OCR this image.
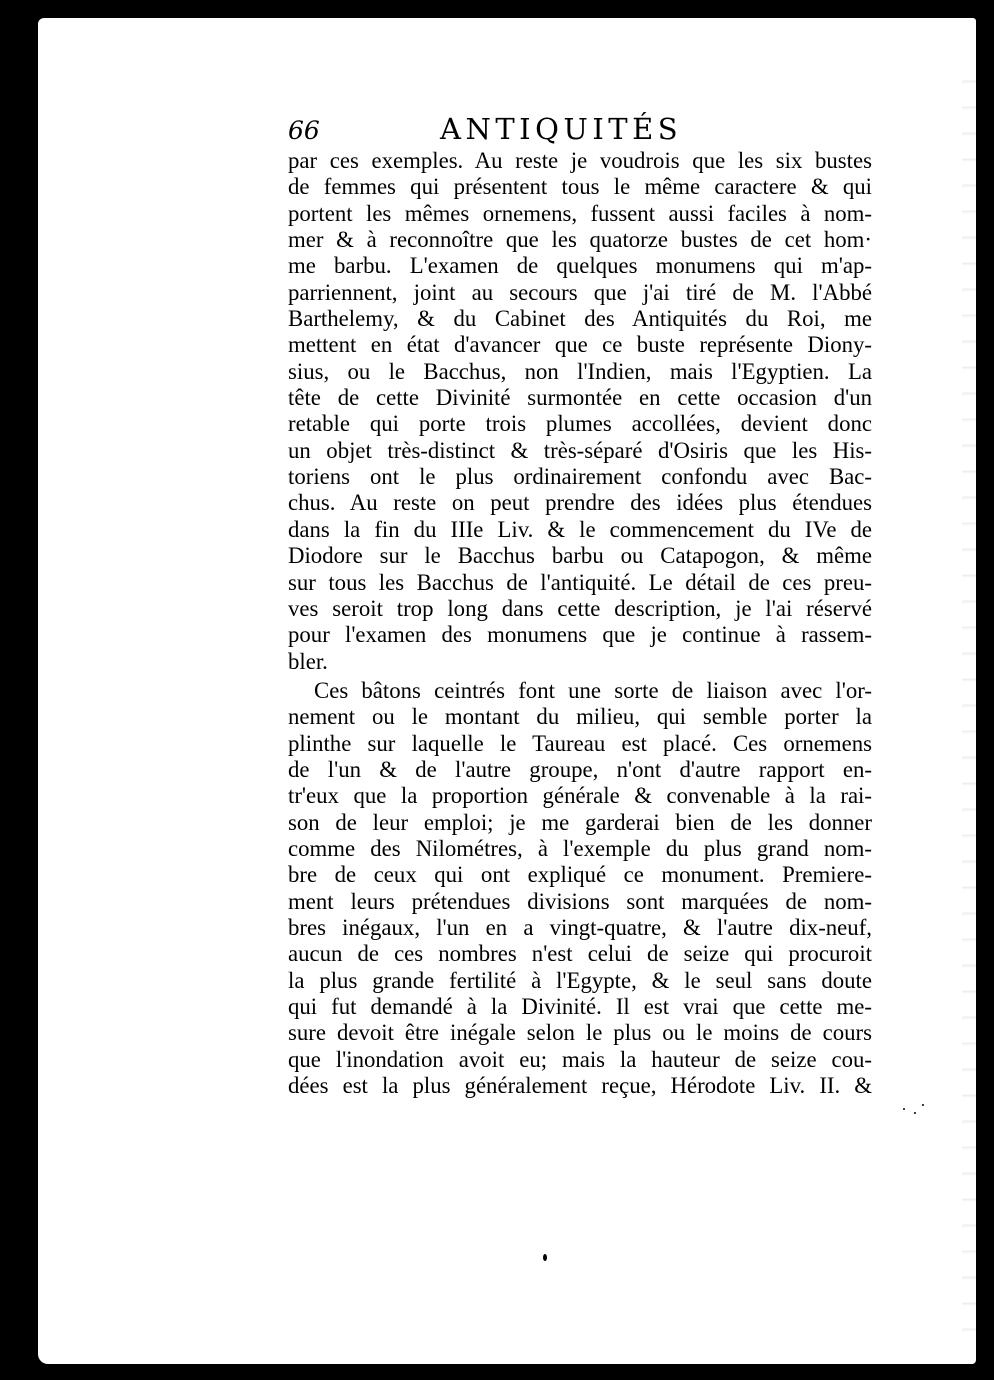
66	ANTIQUITÉS
par ces exemples. Au reste je voudrois que les six bustes
de femmes qui présentent tous le même caractere & qui
portent les mêmes ornemens, fussent aussi faciles à nom-
mer & à reconnoître que les quatorze bustes de cet hom·
me barbu. L'examen de quelques monumens qui m'ap-
parriennent, joint au secours que j'ai tiré de M. l'Abbé
Barthelemy, & du Cabinet des Antiquités du Roi, me
mettent en état d'avancer que ce buste représente Diony-
sius, ou le Bacchus, non l'Indien, mais l'Egyptien. La
tête de cette Divinité surmontée en cette occasion d'un
retable qui porte trois plumes accollées, devient donc
un objet très-distinct & très-séparé d'Osiris que les His-
toriens ont le plus ordinairement confondu avec Bac-
chus. Au reste on peut prendre des idées plus étendues
dans la fin du IIIe Liv. & le commencement du IVe de
Diodore sur le Bacchus barbu ou Catapogon, & même
sur tous les Bacchus de l'antiquité. Le détail de ces preu-
ves seroit trop long dans cette description, je l'ai réservé
pour l'examen des monumens que je continue à rassem-
bler.
Ces bâtons ceintrés font une sorte de liaison avec l'or-
nement ou le montant du milieu, qui semble porter la
plinthe sur laquelle le Taureau est placé. Ces ornemens
de l'un & de l'autre groupe, n'ont d'autre rapport en-
tr'eux que la proportion générale & convenable à la rai-
son de leur emploi; je me garderai bien de les donner
comme des Nilométres, à l'exemple du plus grand nom-
bre de ceux qui ont expliqué ce monument. Premiere-
ment leurs prétendues divisions sont marquées de nom-
bres inégaux, l'un en a vingt-quatre, & l'autre dix-neuf,
aucun de ces nombres n'est celui de seize qui procuroit
la plus grande fertilité à l'Egypte, & le seul sans doute
qui fut demandé à la Divinité. Il est vrai que cette me-
sure devoit être inégale selon le plus ou le moins de cours
que l'inondation avoit eu; mais la hauteur de seize cou-
dées est la plus généralement reçue, Hérodote Liv. II. &
